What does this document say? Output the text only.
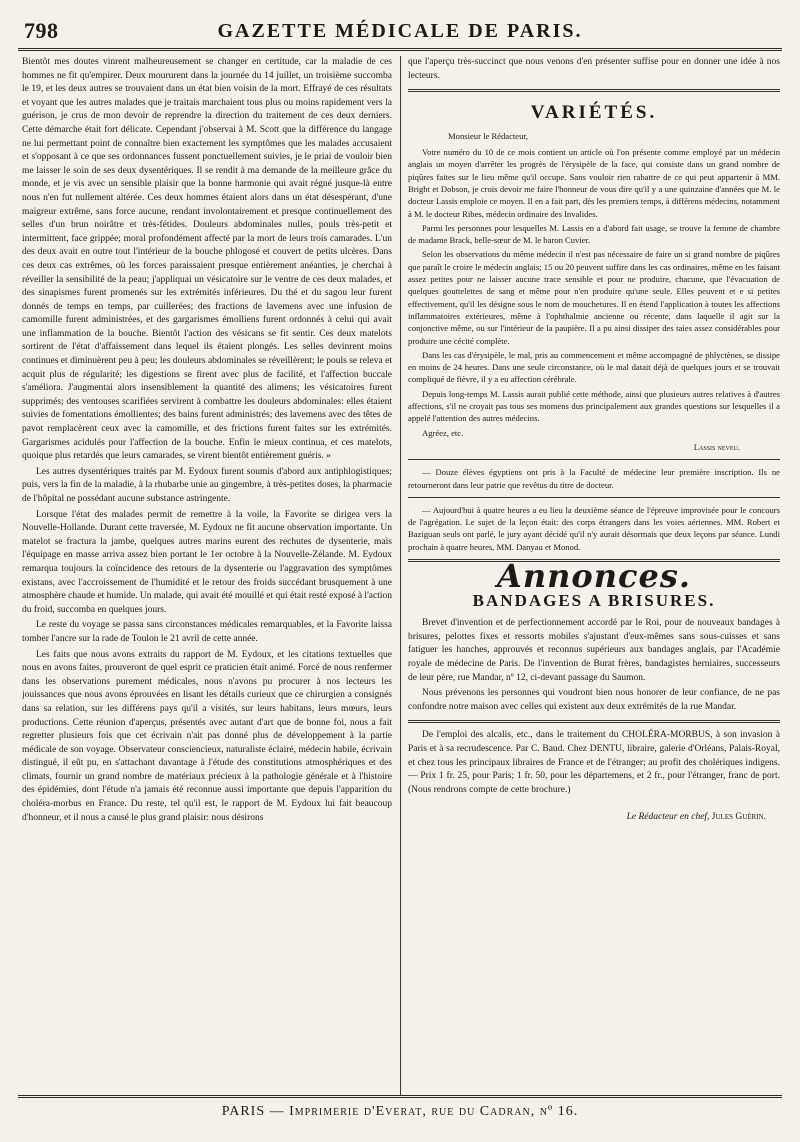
798	GAZETTE MÉDICALE DE PARIS.

Bientôt mes doutes vinrent malheureusement se changer en certitude, car la maladie de ces hommes ne fit qu'empirer. Deux moururent dans la journée du 14 juillet, un troisième succomba le 19, et les deux autres se trouvaient dans un état bien voisin de la mort. Effrayé de ces résultats et voyant que les autres malades que je traitais marchaient tous plus ou moins rapidement vers la guérison, je crus de mon devoir de reprendre la direction du traitement de ces deux derniers. Cette démarche était fort délicate. Cependant j'observai à M. Scott que la différence du langage ne lui permettant point de connaître bien exactement les symptômes que les malades accusaient et s'opposant à ce que ses ordonnances fussent ponctuellement suivies, je le priai de vouloir bien me laisser le soin de ses deux dysentériques. Il se rendit à ma demande de la meilleure grâce du monde, et je vis avec un sensible plaisir que la bonne harmonie qui avait régné jusque-là entre nous n'en fut nullement altérée. Ces deux hommes étaient alors dans un état désespérant, d'une maigreur extrême, sans force aucune, rendant involontairement et presque continuellement des selles d'un brun noirâtre et très-fétides. Douleurs abdominales nulles, pouls très-petit et intermittent, face grippée; moral profondément affecté par la mort de leurs trois camarades. L'un des deux avait en outre tout l'intérieur de la bouche phlogosé et couvert de petits ulcères. Dans ces deux cas extrêmes, où les forces paraissaient presque entièrement anéanties, je cherchai à réveiller la sensibilité de la peau; j'appliquai un vésicatoire sur le ventre de ces deux malades, et des sinapismes furent promenés sur les extrémités inférieures. Du thé et du sagou leur furent donnés de temps en temps, par cuillerées; des fractions de lavemens avec une infusion de camomille furent administrées, et des gargarismes émolliens furent ordonnés à celui qui avait une inflammation de la bouche. Bientôt l'action des vésicans se fit sentir. Ces deux matelots sortirent de l'état d'affaissement dans lequel ils étaient plongés. Les selles devinrent moins continues et diminuèrent peu à peu; les douleurs abdominales se réveillèrent; le pouls se releva et acquit plus de régularité; les digestions se firent avec plus de facilité, et l'affection buccale s'améliora. J'augmentai alors insensiblement la quantité des alimens; les vésicatoires furent supprimés; des ventouses scarifiées servirent à combattre les douleurs abdominales: elles étaient suivies de fomentations émollientes; des bains furent administrés; des lavemens avec des têtes de pavot remplacèrent ceux avec la camomille, et des frictions furent faites sur les extrémités. Gargarismes acidulés pour l'affection de la bouche. Enfin le mieux continua, et ces matelots, quoique plus retardés que leurs camarades, se virent bientôt entièrement guéris. »

Les autres dysentériques traités par M. Eydoux furent soumis d'abord aux antiphlogistiques; puis, vers la fin de la maladie, à la rhubarbe unie au gingembre, à très-petites doses, la pharmacie de l'hôpital ne possédant aucune substance astringente.

Lorsque l'état des malades permit de remettre à la voile, la Favorite se dirigea vers la Nouvelle-Hollande. Durant cette traversée, M. Eydoux ne fit aucune observation importante. Un matelot se fractura la jambe, quelques autres marins eurent des rechutes de dysenterie, mais l'équipage en masse arriva assez bien portant le 1er octobre à la Nouvelle-Zélande. M. Eydoux remarqua toujours la coïncidence des retours de la dysenterie ou l'aggravation des symptômes existans, avec l'accroissement de l'humidité et le retour des froids succédant brusquement à une atmosphère chaude et humide. Un malade, qui avait été mouillé et qui était resté exposé à l'action du froid, succomba en quelques jours.

Le reste du voyage se passa sans circonstances médicales remarquables, et la Favorite laissa tomber l'ancre sur la rade de Toulon le 21 avril de cette année.

Les faits que nous avons extraits du rapport de M. Eydoux, et les citations textuelles que nous en avons faites, prouveront de quel esprit ce praticien était animé. Forcé de nous renfermer dans les observations purement médicales, nous n'avons pu procurer à nos lecteurs les jouissances que nous avons éprouvées en lisant les détails curieux que ce chirurgien a consignés dans sa relation, sur les différens pays qu'il a visités, sur leurs habitans, leurs mœurs, leurs productions. Cette réunion d'aperçus, présentés avec autant d'art que de bonne foi, nous a fait regretter plusieurs fois que cet écrivain n'ait pas donné plus de développement à la partie médicale de son voyage. Observateur consciencieux, naturaliste éclairé, médecin habile, écrivain distingué, il eût pu, en s'attachant davantage à l'étude des constitutions atmosphériques et des climats, fournir un grand nombre de matériaux précieux à la pathologie générale et à l'histoire des épidémies, dont l'étude n'a jamais été reconnue aussi importante que depuis l'apparition du choléra-morbus en France. Du reste, tel qu'il est, le rapport de M. Eydoux lui fait beaucoup d'honneur, et il nous a causé le plus grand plaisir: nous désirons

que l'aperçu très-succinct que nous venons d'en présenter suffise pour en donner une idée à nos lecteurs.

VARIÉTÉS.

Monsieur le Rédacteur,

Votre numéro du 10 de ce mois contient un article où l'on présente comme employé par un médecin anglais un moyen d'arrêter les progrès de l'érysipèle de la face, qui consiste dans un grand nombre de piqûres faites sur le lieu même qu'il occupe. Sans vouloir rien rabattre de ce qui peut appartenir à MM. Bright et Dobson, je crois devoir me faire l'honneur de vous dire qu'il y a une quinzaine d'années que M. le docteur Lassis emploie ce moyen. Il en a fait part, dès les premiers temps, à différens médecins, notamment à M. le docteur Ribes, médecin ordinaire des Invalides.

Parmi les personnes pour lesquelles M. Lassis en a d'abord fait usage, se trouve la femme de chambre de madame Brack, belle-sœur de M. le baron Cuvier.

Selon les observations du même médecin il n'est pas nécessaire de faire un si grand nombre de piqûres que paraît le croire le médecin anglais; 15 ou 20 peuvent suffire dans les cas ordinaires, même en les faisant assez petites pour ne laisser aucune trace sensible et pour ne produire, chacune, que l'évacuation de quelques gouttelettes de sang et même pour n'en produire qu'une seule. Elles peuvent et e si petites effectivement, qu'il les désigne sous le nom de mouchetures. Il en étend l'application à toutes les affections inflammatoires extérieures, même à l'ophthalmie ancienne ou récente, dans laquelle il agit sur la conjonctive même, ou sur l'intérieur de la paupière. Il a pu ainsi dissiper des taies assez considérables pour produire une cécité complète.

Dans les cas d'érysipèle, le mal, pris au commencement et même accompagné de phlyctènes, se dissipe en moins de 24 heures. Dans une seule circonstance, où le mal datait déjà de quelques jours et se trouvait compliqué de fièvre, il y a eu affection cérébrale.

Depuis long-temps M. Lassis aurait publié cette méthode, ainsi que plusieurs autres relatives à d'autres affections, s'il ne croyait pas tous ses momens dus principalement aux grandes questions sur lesquelles il a appelé l'attention des autres médecins.

Agréez, etc.

Lassis neveu.

— Douze élèves égyptiens ont pris à la Faculté de médecine leur première inscription. Ils ne retourneront dans leur patrie que revêtus du titre de docteur.

— Aujourd'hui à quatre heures a eu lieu la deuxième séance de l'épreuve improvisée pour le concours de l'agrégation. Le sujet de la leçon était: des corps étrangers dans les voies aériennes. MM. Robert et Baziguan seuls ont parlé, le jury ayant décidé qu'il n'y aurait désormais que deux leçons par séance. Lundi prochain à quatre heures, MM. Danyau et Monod.

Annonces.
BANDAGES A BRISURES.

Brevet d'invention et de perfectionnement accordé par le Roi, pour de nouveaux bandages à brisures, pelottes fixes et ressorts mobiles s'ajustant d'eux-mêmes sans sous-cuisses et sans fatiguer les hanches, approuvés et reconnus supérieurs aux bandages anglais, par l'Académie royale de médecine de Paris. De l'invention de Burat frères, bandagistes herniaires, successeurs de leur père, rue Mandar, nº 12, ci-devant passage du Saumon.

Nous prévenons les personnes qui voudront bien nous honorer de leur confiance, de ne pas confondre notre maison avec celles qui existent aux deux extrémités de la rue Mandar.

De l'emploi des alcalis, etc., dans le traitement du CHOLÉRA-MORBUS, à son invasion à Paris et à sa recrudescence. Par C. Baud. Chez DENTU, libraire, galerie d'Orléans, Palais-Royal, et chez tous les principaux libraires de France et de l'étranger; au profit des cholériques indigens. — Prix 1 fr. 25, pour Paris; 1 fr. 50, pour les départemens, et 2 fr., pour l'étranger, franc de port. (Nous rendrons compte de cette brochure.)

Le Rédacteur en chef, Jules Guérin.
PARIS — Imprimerie d'Everat, rue du Cadran, nº 16.
